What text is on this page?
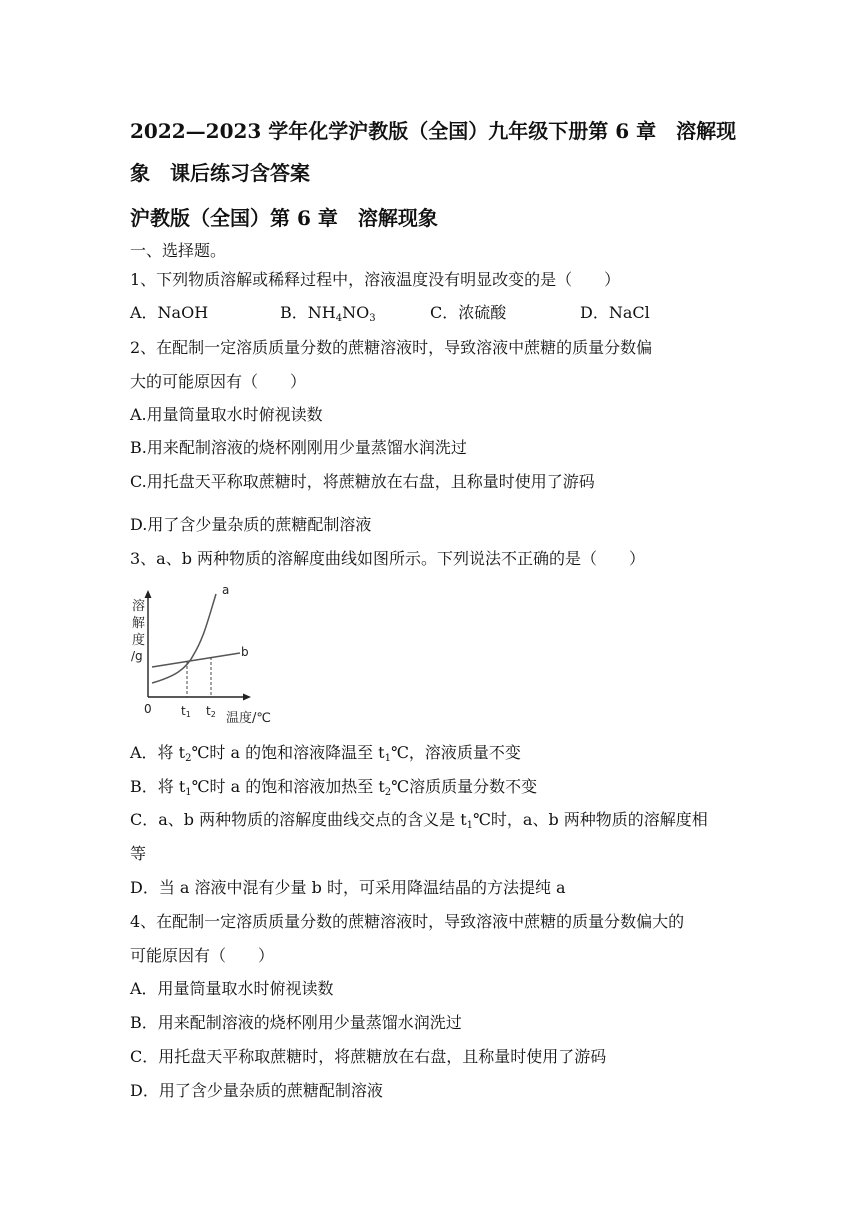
2022—2023 学年化学沪教版（全国）九年级下册第 6 章　溶解现
象　课后练习含答案
沪教版（全国）第 6 章　溶解现象
一、选择题。
1、下列物质溶解或稀释过程中，溶液温度没有明显改变的是（　　）
A．NaOH	B．$NH_4NO_3$	C．浓硫酸	D．NaCl
2、在配制一定溶质质量分数的蔗糖溶液时，导致溶液中蔗糖的质量分数偏
大的可能原因有（　　）
A.用量筒量取水时俯视读数
B.用来配制溶液的烧杯刚刚用少量蒸馏水润洗过
C.用托盘天平称取蔗糖时，将蔗糖放在右盘，且称量时使用了游码
D.用了含少量杂质的蔗糖配制溶液
3、a、b 两种物质的溶解度曲线如图所示。下列说法不正确的是（　　）
溶
解
度
/g
0
b
a
t1 t2 温度/℃
A．将 $t_2℃$时 a 的饱和溶液降温至 $t_1℃$，溶液质量不变
B．将 $t_1℃$时 a 的饱和溶液加热至 $t_2℃$溶质质量分数不变
C．a、b 两种物质的溶解度曲线交点的含义是 $t_1℃$时，a、b 两种物质的溶解度相
等
D．当 a 溶液中混有少量 b 时，可采用降温结晶的方法提纯 a
4、在配制一定溶质质量分数的蔗糖溶液时，导致溶液中蔗糖的质量分数偏大的
可能原因有（　　）
A．用量筒量取水时俯视读数
B．用来配制溶液的烧杯刚用少量蒸馏水润洗过
C．用托盘天平称取蔗糖时，将蔗糖放在右盘，且称量时使用了游码
D．用了含少量杂质的蔗糖配制溶液
